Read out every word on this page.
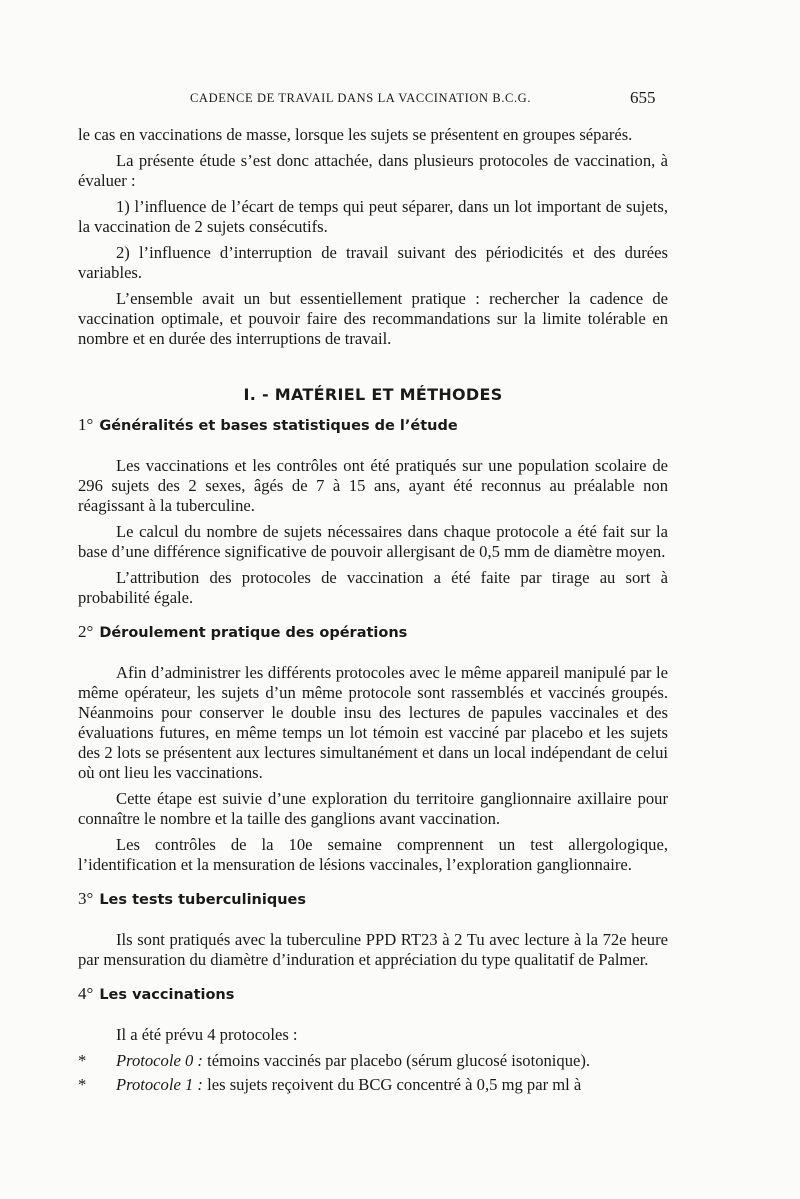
CADENCE DE TRAVAIL DANS LA VACCINATION B.C.G.	655

le cas en vaccinations de masse, lorsque les sujets se présentent en groupes séparés.

La présente étude s’est donc attachée, dans plusieurs protocoles de vaccination, à évaluer :

1) l’influence de l’écart de temps qui peut séparer, dans un lot important de sujets, la vaccination de 2 sujets consécutifs.

2) l’influence d’interruption de travail suivant des périodicités et des durées variables.

L’ensemble avait un but essentiellement pratique : rechercher la cadence de vaccination optimale, et pouvoir faire des recommandations sur la limite tolérable en nombre et en durée des interruptions de travail.

I. - MATÉRIEL ET MÉTHODES
1° Généralités et bases statistiques de l’étude

Les vaccinations et les contrôles ont été pratiqués sur une population scolaire de 296 sujets des 2 sexes, âgés de 7 à 15 ans, ayant été reconnus au préalable non réagissant à la tuberculine.

Le calcul du nombre de sujets nécessaires dans chaque protocole a été fait sur la base d’une différence significative de pouvoir allergisant de 0,5 mm de diamètre moyen.

L’attribution des protocoles de vaccination a été faite par tirage au sort à probabilité égale.

2° Déroulement pratique des opérations

Afin d’administrer les différents protocoles avec le même appareil manipulé par le même opérateur, les sujets d’un même protocole sont rassemblés et vaccinés groupés. Néanmoins pour conserver le double insu des lectures de papules vaccinales et des évaluations futures, en même temps un lot témoin est vacciné par placebo et les sujets des 2 lots se présentent aux lectures simultanément et dans un local indépendant de celui où ont lieu les vaccinations.

Cette étape est suivie d’une exploration du territoire ganglionnaire axillaire pour connaître le nombre et la taille des ganglions avant vaccination.

Les contrôles de la 10e semaine comprennent un test allergologique, l’identification et la mensuration de lésions vaccinales, l’exploration ganglionnaire.

3° Les tests tuberculiniques

Ils sont pratiqués avec la tuberculine PPD RT23 à 2 Tu avec lecture à la 72e heure par mensuration du diamètre d’induration et appréciation du type qualitatif de Palmer.

4° Les vaccinations

Il a été prévu 4 protocoles :

* Protocole 0 : témoins vaccinés par placebo (sérum glucosé isotonique).
* Protocole 1 : les sujets reçoivent du BCG concentré à 0,5 mg par ml à
